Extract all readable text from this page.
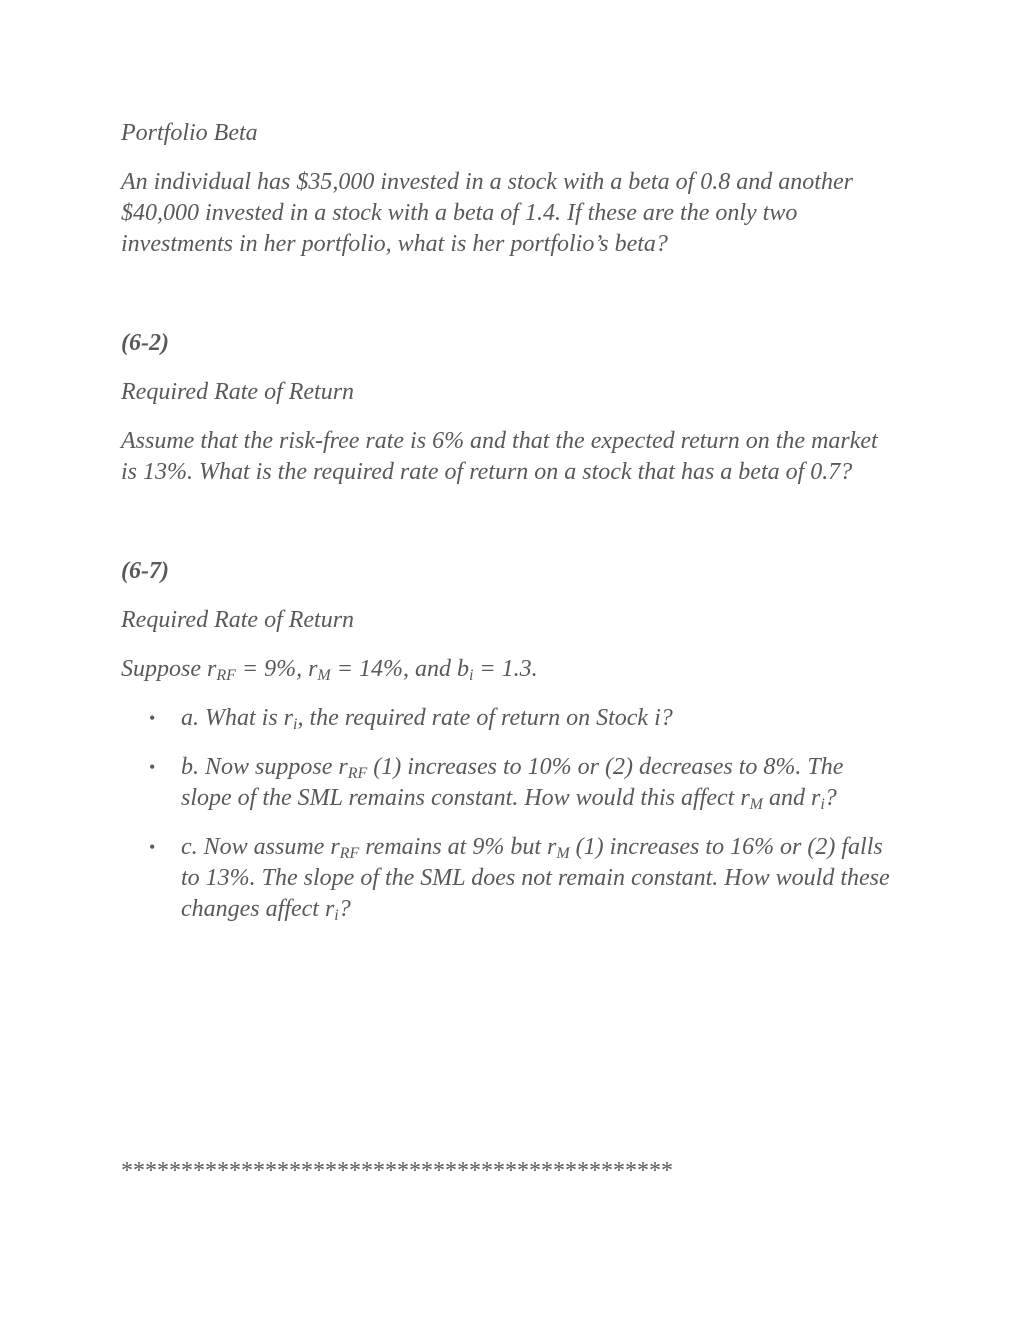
Portfolio Beta

An individual has $35,000 invested in a stock with a beta of 0.8 and another $40,000 invested in a stock with a beta of 1.4. If these are the only two investments in her portfolio, what is her portfolio’s beta?

(6-2)

Required Rate of Return

Assume that the risk-free rate is 6% and that the expected return on the market is 13%. What is the required rate of return on a stock that has a beta of 0.7?

(6-7)

Required Rate of Return

Suppose $r_{RF} = 9\%$, $r_M = 14\%$, and $b_i = 1.3$.

• a. What is $r_i$, the required rate of return on Stock i?
• b. Now suppose $r_{RF}$ (1) increases to 10% or (2) decreases to 8%. The slope of the SML remains constant. How would this affect $r_M$ and $r_i$?
• c. Now assume $r_{RF}$ remains at 9% but $r_M$ (1) increases to 16% or (2) falls to 13%. The slope of the SML does not remain constant. How would these changes affect $r_i$?
**********************************************
